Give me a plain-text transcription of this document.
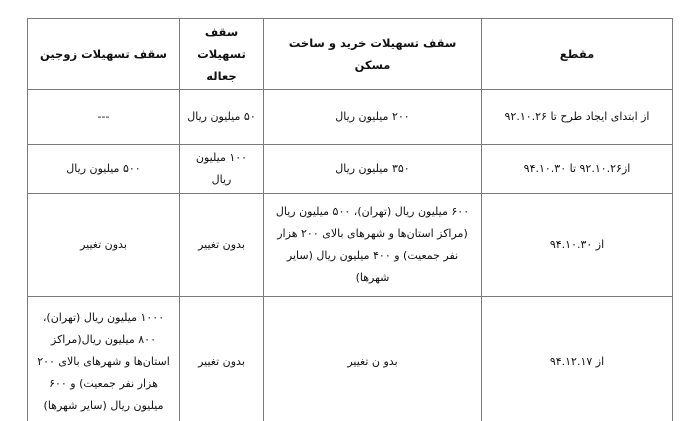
مقطع	سقف تسهیلات خرید و ساخت مسکن	سقف تسهیلات جعاله	سقف تسهیلات زوجین
از ابتدای ایجاد طرح تا ۹۲.۱۰.۲۶	۲۰۰ میلیون ریال	۵۰ میلیون ریال	---
از۹۲.۱۰.۲۶ تا ۹۴.۱۰.۳۰	۳۵۰ میلیون ریال	۱۰۰ میلیون ریال	۵۰۰ میلیون ریال
از ۹۴.۱۰.۳۰	۶۰۰ میلیون ریال (تهران)، ۵۰۰ میلیون ریال (مراکز استان‌ها و شهرهای بالای ۲۰۰ هزار نفر جمعیت) و ۴۰۰ میلیون ریال (سایر شهرها)	بدون تغییر	بدون تغییر
از ۹۴.۱۲.۱۷	بدو ن تغییر	بدون تغییر	۱۰۰۰ میلیون ریال (تهران)، ۸۰۰ میلیون ریال(مراکز استان‌ها و شهرهای بالای ۲۰۰ هزار نفر جمعیت) و ۶۰۰ میلیون ریال (سایر شهرها)
